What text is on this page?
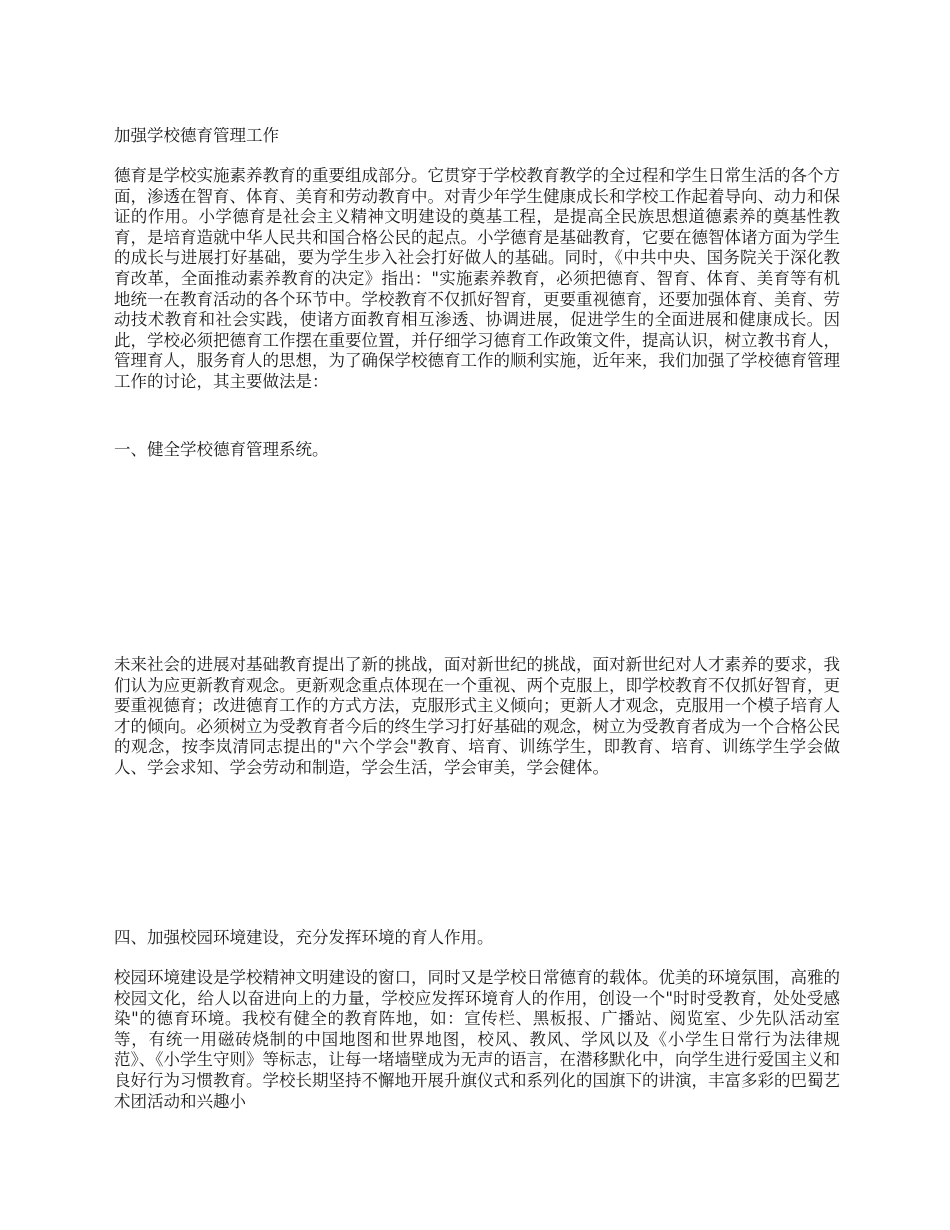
加强学校德育管理工作

德育是学校实施素养教育的重要组成部分。它贯穿于学校教育教学的全过程和学生日常生活的各个方面，渗透在智育、体育、美育和劳动教育中。对青少年学生健康成长和学校工作起着导向、动力和保证的作用。小学德育是社会主义精神文明建设的奠基工程，是提高全民族思想道德素养的奠基性教育，是培育造就中华人民共和国合格公民的起点。小学德育是基础教育，它要在德智体诸方面为学生的成长与进展打好基础，要为学生步入社会打好做人的基础。同时，《中共中央、国务院关于深化教育改革，全面推动素养教育的决定》指出："实施素养教育，必须把德育、智育、体育、美育等有机地统一在教育活动的各个环节中。学校教育不仅抓好智育，更要重视德育，还要加强体育、美育、劳动技术教育和社会实践，使诸方面教育相互渗透、协调进展，促进学生的全面进展和健康成长。因此，学校必须把德育工作摆在重要位置，并仔细学习德育工作政策文件，提高认识，树立教书育人，管理育人，服务育人的思想，为了确保学校德育工作的顺利实施，近年来，我们加强了学校德育管理工作的讨论，其主要做法是：

一、健全学校德育管理系统。

未来社会的进展对基础教育提出了新的挑战，面对新世纪的挑战，面对新世纪对人才素养的要求，我们认为应更新教育观念。更新观念重点体现在一个重视、两个克服上，即学校教育不仅抓好智育，更要重视德育；改进德育工作的方式方法，克服形式主义倾向；更新人才观念，克服用一个模子培育人才的倾向。必须树立为受教育者今后的终生学习打好基础的观念，树立为受教育者成为一个合格公民的观念，按李岚清同志提出的"六个学会"教育、培育、训练学生，即教育、培育、训练学生学会做人、学会求知、学会劳动和制造，学会生活，学会审美，学会健体。

四、加强校园环境建设，充分发挥环境的育人作用。

校园环境建设是学校精神文明建设的窗口，同时又是学校日常德育的载体。优美的环境氛围，高雅的校园文化，给人以奋进向上的力量，学校应发挥环境育人的作用，创设一个"时时受教育，处处受感染"的德育环境。我校有健全的教育阵地，如：宣传栏、黑板报、广播站、阅览室、少先队活动室等，有统一用磁砖烧制的中国地图和世界地图，校风、教风、学风以及《小学生日常行为法律规范》、《小学生守则》等标志，让每一堵墙壁成为无声的语言，在潜移默化中，向学生进行爱国主义和良好行为习惯教育。学校长期坚持不懈地开展升旗仪式和系列化的国旗下的讲演，丰富多彩的巴蜀艺术团活动和兴趣小
